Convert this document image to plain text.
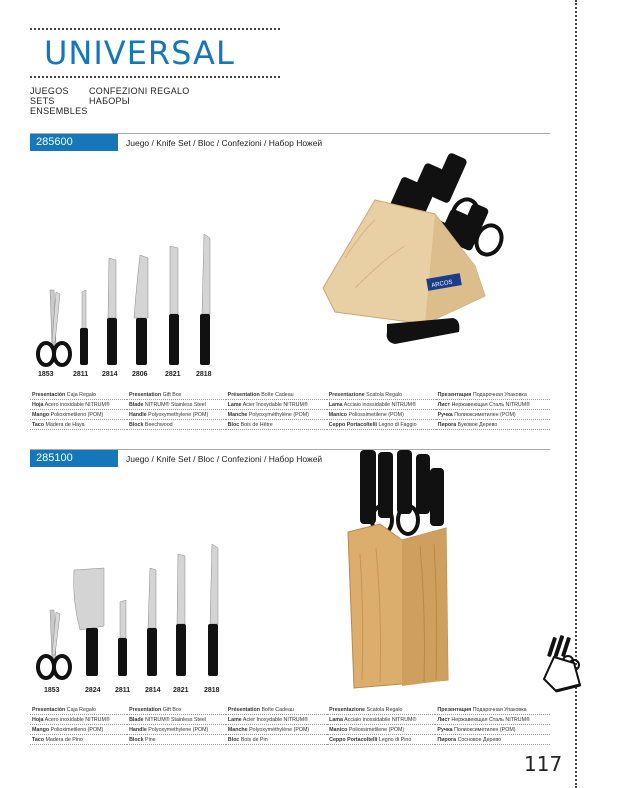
UNIVERSAL
JUEGOS
SETS
ENSEMBLES
CONFEZIONI REGALO
НАБОРЫ
285600	Juego / Knife Set / Bloc / Confezioni / Набор Ножей
1853	2811 2814 2806 2821 2818
ARCOS
Presentación Caja Regalo	Presentation Gift Box	Présentation Boîte Cadeau	Presentazione Scatola Regalo	Презентация Подарочная Упаковка
Hoja Acero inoxidable NITRUM®	Blade NITRUM® Stainless Steel	Lame Acier Inoxydable NITRUM®	Lama Acciaio inossidabile NITRUM®	Лист Нержавеющая Сталь NITRUM®
Mango Polioximetileno (POM)	Handle Polyoxymethylene (POM)	Manche Polyoxyméthylène (POM)	Manico Poliossimetilene (POM)	Ручка Полиоксиметилен (POM)
Taco Madera de Haya	Block Beechwood	Bloc Bois de Hêtre	Ceppo Portacoltelli Legno di Faggio	Пирога Буковое Дерево
285100	Juego / Knife Set / Bloc / Confezioni / Набор Ножей
1853	2824 2811 2814 2821 2818
Presentación Caja Regalo	Presentation Gift Box	Présentation Boîte Cadeau	Presentazione Scatola Regalo	Презентация Подарочная Упаковка
Hoja Acero inoxidable NITRUM®	Blade NITRUM® Stainless Steel	Lame Acier Inoxydable NITRUM®	Lama Acciaio inossidabile NITRUM®	Лист Нержавеющая Сталь NITRUM®
Mango Polioximetileno (POM)	Handle Polyoxymethylene (POM)	Manche Polyoxyméthylène (POM)	Manico Poliossimetilene (POM)	Ручка Полиоксиметилен (POM)
Taco Madera de Pino	Block Pine	Bloc Bois de Pin	Ceppo Portacoltelli Legno di Pino	Пирога Сосновое Дерево
117
